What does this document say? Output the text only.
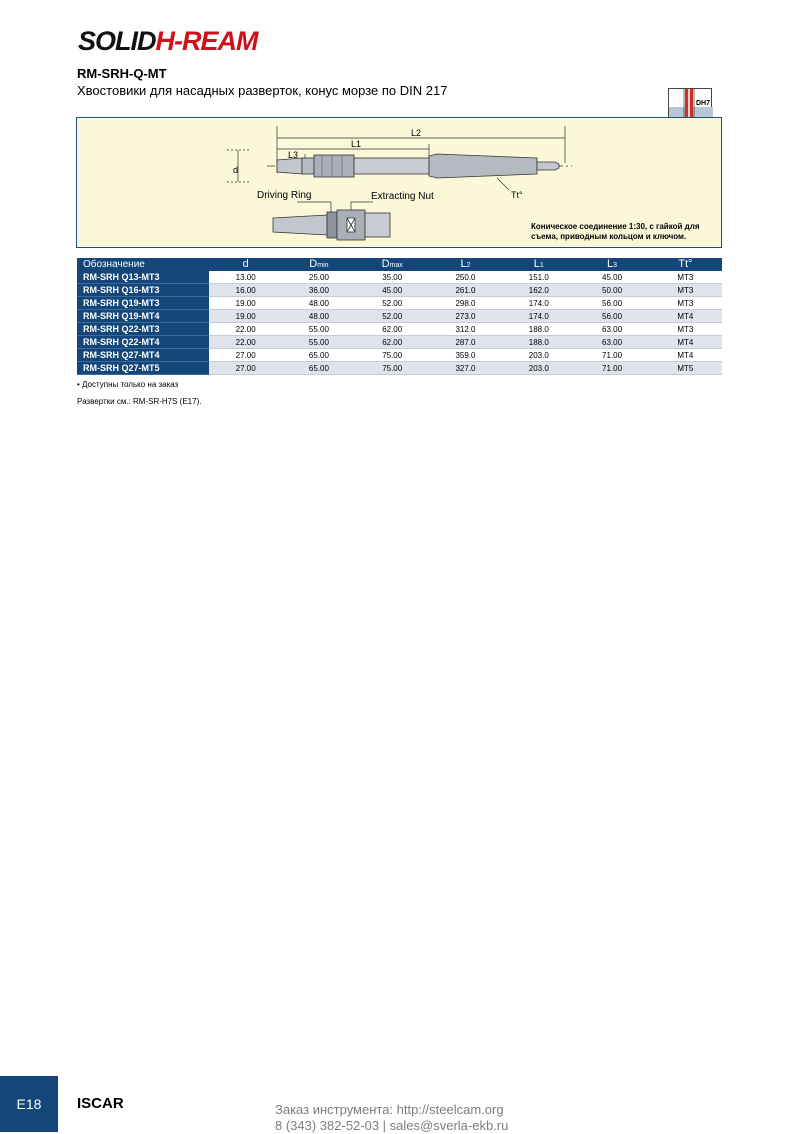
SOLIDH-REAM
RM-SRH-Q-MT
Хвостовики для насадных разверток, конус морзе по DIN 217
DH7
L2
L1
L3
d
Tt°
Driving Ring	Extracting Nut
Коническое соединение 1:30, с гайкой для съема, приводным кольцом и ключом.
Обозначение	d	Dmin	Dmax	L2	L1	L3	Tt°
RM-SRH Q13-MT3	13.00	25.00	35.00	250.0	151.0	45.00	MT3
RM-SRH Q16-MT3	16.00	36.00	45.00	261.0	162.0	50.00	MT3
RM-SRH Q19-MT3	19.00	48.00	52.00	298.0	174.0	56.00	MT3
RM-SRH Q19-MT4	19.00	48.00	52.00	273.0	174.0	56.00	MT4
RM-SRH Q22-MT3	22.00	55.00	62.00	312.0	188.0	63.00	MT3
RM-SRH Q22-MT4	22.00	55.00	62.00	287.0	188.0	63.00	MT4
RM-SRH Q27-MT4	27.00	65.00	75.00	359.0	203.0	71.00	MT4
RM-SRH Q27-MT5	27.00	65.00	75.00	327.0	203.0	71.00	MT5
• Доступны только на заказ
Развертки см.: RM-SR-H7S (E17).
E18	ISCAR	Заказ инструмента: http://steelcam.org
8 (343) 382-52-03 | sales@sverla-ekb.ru
